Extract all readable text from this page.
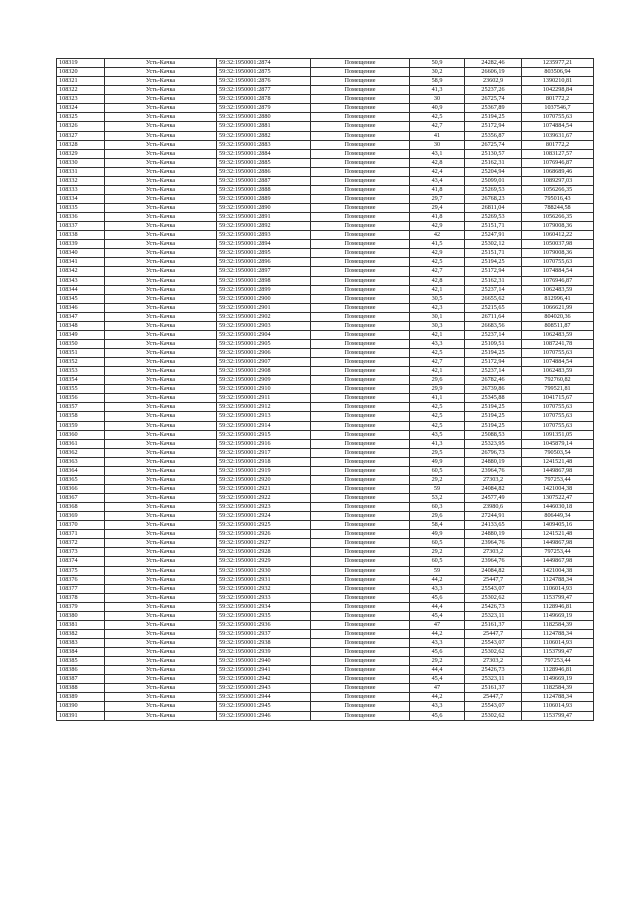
108319	Усть-Качка	59:32:1950001:2874	Помещение	50,9	24282,46	1235977,21
108320	Усть-Качка	59:32:1950001:2875	Помещение	30,2	26606,19	803506,94
108321	Усть-Качка	59:32:1950001:2876	Помещение	58,9	23602,9	1390210,81
108322	Усть-Качка	59:32:1950001:2877	Помещение	41,3	25237,26	1042298,84
108323	Усть-Качка	59:32:1950001:2878	Помещение	30	26725,74	801772,2
108324	Усть-Качка	59:32:1950001:2879	Помещение	40,9	25367,89	1037546,7
108325	Усть-Качка	59:32:1950001:2880	Помещение	42,5	25194,25	1070755,63
108326	Усть-Качка	59:32:1950001:2881	Помещение	42,7	25172,94	1074884,54
108327	Усть-Качка	59:32:1950001:2882	Помещение	41	25356,87	1039631,67
108328	Усть-Качка	59:32:1950001:2883	Помещение	30	26725,74	801772,2
108329	Усть-Качка	59:32:1950001:2884	Помещение	43,1	25130,57	1083127,57
108330	Усть-Качка	59:32:1950001:2885	Помещение	42,8	25162,31	1076946,87
108331	Усть-Качка	59:32:1950001:2886	Помещение	42,4	25204,94	1068689,46
108332	Усть-Качка	59:32:1950001:2887	Помещение	43,4	25099,01	1089297,03
108333	Усть-Качка	59:32:1950001:2888	Помещение	41,8	25269,53	1056266,35
108334	Усть-Качка	59:32:1950001:2889	Помещение	29,7	26768,23	795016,43
108335	Усть-Качка	59:32:1950001:2890	Помещение	29,4	26811,04	788244,58
108336	Усть-Качка	59:32:1950001:2891	Помещение	41,8	25269,53	1056266,35
108337	Усть-Качка	59:32:1950001:2892	Помещение	42,9	25151,71	1079008,36
108338	Усть-Качка	59:32:1950001:2893	Помещение	42	25247,91	1060412,22
108339	Усть-Качка	59:32:1950001:2894	Помещение	41,5	25302,12	1050037,98
108340	Усть-Качка	59:32:1950001:2895	Помещение	42,9	25151,71	1079008,36
108341	Усть-Качка	59:32:1950001:2896	Помещение	42,5	25194,25	1070755,63
108342	Усть-Качка	59:32:1950001:2897	Помещение	42,7	25172,94	1074884,54
108343	Усть-Качка	59:32:1950001:2898	Помещение	42,8	25162,31	1076946,87
108344	Усть-Качка	59:32:1950001:2899	Помещение	42,1	25237,14	1062483,59
108345	Усть-Качка	59:32:1950001:2900	Помещение	30,5	26655,62	812996,41
108346	Усть-Качка	59:32:1950001:2901	Помещение	42,3	25215,65	1066621,99
108347	Усть-Качка	59:32:1950001:2902	Помещение	30,1	26711,64	804020,36
108348	Усть-Качка	59:32:1950001:2903	Помещение	30,3	26683,56	808511,87
108349	Усть-Качка	59:32:1950001:2904	Помещение	42,1	25237,14	1062483,59
108350	Усть-Качка	59:32:1950001:2905	Помещение	43,3	25109,51	1087241,78
108351	Усть-Качка	59:32:1950001:2906	Помещение	42,5	25194,25	1070755,63
108352	Усть-Качка	59:32:1950001:2907	Помещение	42,7	25172,94	1074884,54
108353	Усть-Качка	59:32:1950001:2908	Помещение	42,1	25237,14	1062483,59
108354	Усть-Качка	59:32:1950001:2909	Помещение	29,6	26782,46	792760,82
108355	Усть-Качка	59:32:1950001:2910	Помещение	29,9	26739,86	799521,81
108356	Усть-Качка	59:32:1950001:2911	Помещение	41,1	25345,88	1041715,67
108357	Усть-Качка	59:32:1950001:2912	Помещение	42,5	25194,25	1070755,63
108358	Усть-Качка	59:32:1950001:2913	Помещение	42,5	25194,25	1070755,63
108359	Усть-Качка	59:32:1950001:2914	Помещение	42,5	25194,25	1070755,63
108360	Усть-Качка	59:32:1950001:2915	Помещение	43,5	25088,53	1091351,05
108361	Усть-Качка	59:32:1950001:2916	Помещение	41,3	25323,95	1045879,14
108362	Усть-Качка	59:32:1950001:2917	Помещение	29,5	26796,73	790503,54
108363	Усть-Качка	59:32:1950001:2918	Помещение	49,9	24880,19	1241521,48
108364	Усть-Качка	59:32:1950001:2919	Помещение	60,5	23964,76	1449867,98
108365	Усть-Качка	59:32:1950001:2920	Помещение	29,2	27303,2	797253,44
108366	Усть-Качка	59:32:1950001:2921	Помещение	59	24084,82	1421004,38
108367	Усть-Качка	59:32:1950001:2922	Помещение	53,2	24577,49	1307522,47
108368	Усть-Качка	59:32:1950001:2923	Помещение	60,3	23980,6	1446030,18
108369	Усть-Качка	59:32:1950001:2924	Помещение	29,6	27244,91	806449,34
108370	Усть-Качка	59:32:1950001:2925	Помещение	58,4	24133,65	1409405,16
108371	Усть-Качка	59:32:1950001:2926	Помещение	49,9	24880,19	1241521,48
108372	Усть-Качка	59:32:1950001:2927	Помещение	60,5	23964,76	1449867,98
108373	Усть-Качка	59:32:1950001:2928	Помещение	29,2	27303,2	797253,44
108374	Усть-Качка	59:32:1950001:2929	Помещение	60,5	23964,76	1449867,98
108375	Усть-Качка	59:32:1950001:2930	Помещение	59	24084,82	1421004,38
108376	Усть-Качка	59:32:1950001:2931	Помещение	44,2	25447,7	1124788,34
108377	Усть-Качка	59:32:1950001:2932	Помещение	43,3	25543,07	1106014,93
108378	Усть-Качка	59:32:1950001:2933	Помещение	45,6	25302,62	1153799,47
108379	Усть-Качка	59:32:1950001:2934	Помещение	44,4	25426,73	1128946,81
108380	Усть-Качка	59:32:1950001:2935	Помещение	45,4	25323,11	1149669,19
108381	Усть-Качка	59:32:1950001:2936	Помещение	47	25161,37	1182584,39
108382	Усть-Качка	59:32:1950001:2937	Помещение	44,2	25447,7	1124788,34
108383	Усть-Качка	59:32:1950001:2938	Помещение	43,3	25543,07	1106014,93
108384	Усть-Качка	59:32:1950001:2939	Помещение	45,6	25302,62	1153799,47
108385	Усть-Качка	59:32:1950001:2940	Помещение	29,2	27303,2	797253,44
108386	Усть-Качка	59:32:1950001:2941	Помещение	44,4	25426,73	1128946,81
108387	Усть-Качка	59:32:1950001:2942	Помещение	45,4	25323,11	1149669,19
108388	Усть-Качка	59:32:1950001:2943	Помещение	47	25161,37	1182584,39
108389	Усть-Качка	59:32:1950001:2944	Помещение	44,2	25447,7	1124788,34
108390	Усть-Качка	59:32:1950001:2945	Помещение	43,3	25543,07	1106014,93
108391	Усть-Качка	59:32:1950001:2946	Помещение	45,6	25302,62	1153799,47
